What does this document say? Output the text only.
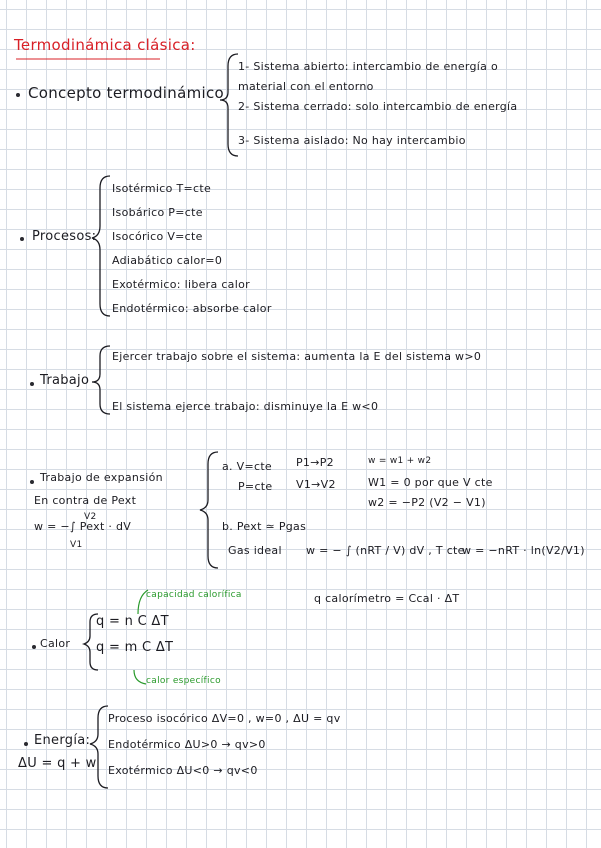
Termodinámica clásica:
Concepto termodinámico
1- Sistema abierto: intercambio de energía o
material con el entorno
2- Sistema cerrado: solo intercambio de energía
3- Sistema aislado: No hay intercambio
Procesos:
Isotérmico T=cte
Isobárico P=cte
Isocórico V=cte
Adiabático calor=0
Exotérmico: libera calor
Endotérmico: absorbe calor
Trabajo
Ejercer trabajo sobre el sistema: aumenta la E del sistema w>0
El sistema ejerce trabajo: disminuye la E w<0
Trabajo de expansión
En contra de Pext
V2
w = −∫ Pext · dV
V1
a. V=cte
P=cte
P1→P2
V1→V2
w = w1 + w2
W1 = 0 por que V cte
w2 = −P2 (V2 − V1)
b. Pext ≃ Pgas
Gas ideal w = − ∫ (nRT / V) dV , T cte
w = −nRT · ln(V2/V1)
capacidad calorífica	q calorímetro = Ccal · ΔT
Calor
q = n C ΔT
q = m C ΔT
calor específico
Energía:
ΔU = q + w
Proceso isocórico ΔV=0 , w=0 , ΔU = qv
Endotérmico ΔU>0 → qv>0
Exotérmico ΔU<0 → qv<0
